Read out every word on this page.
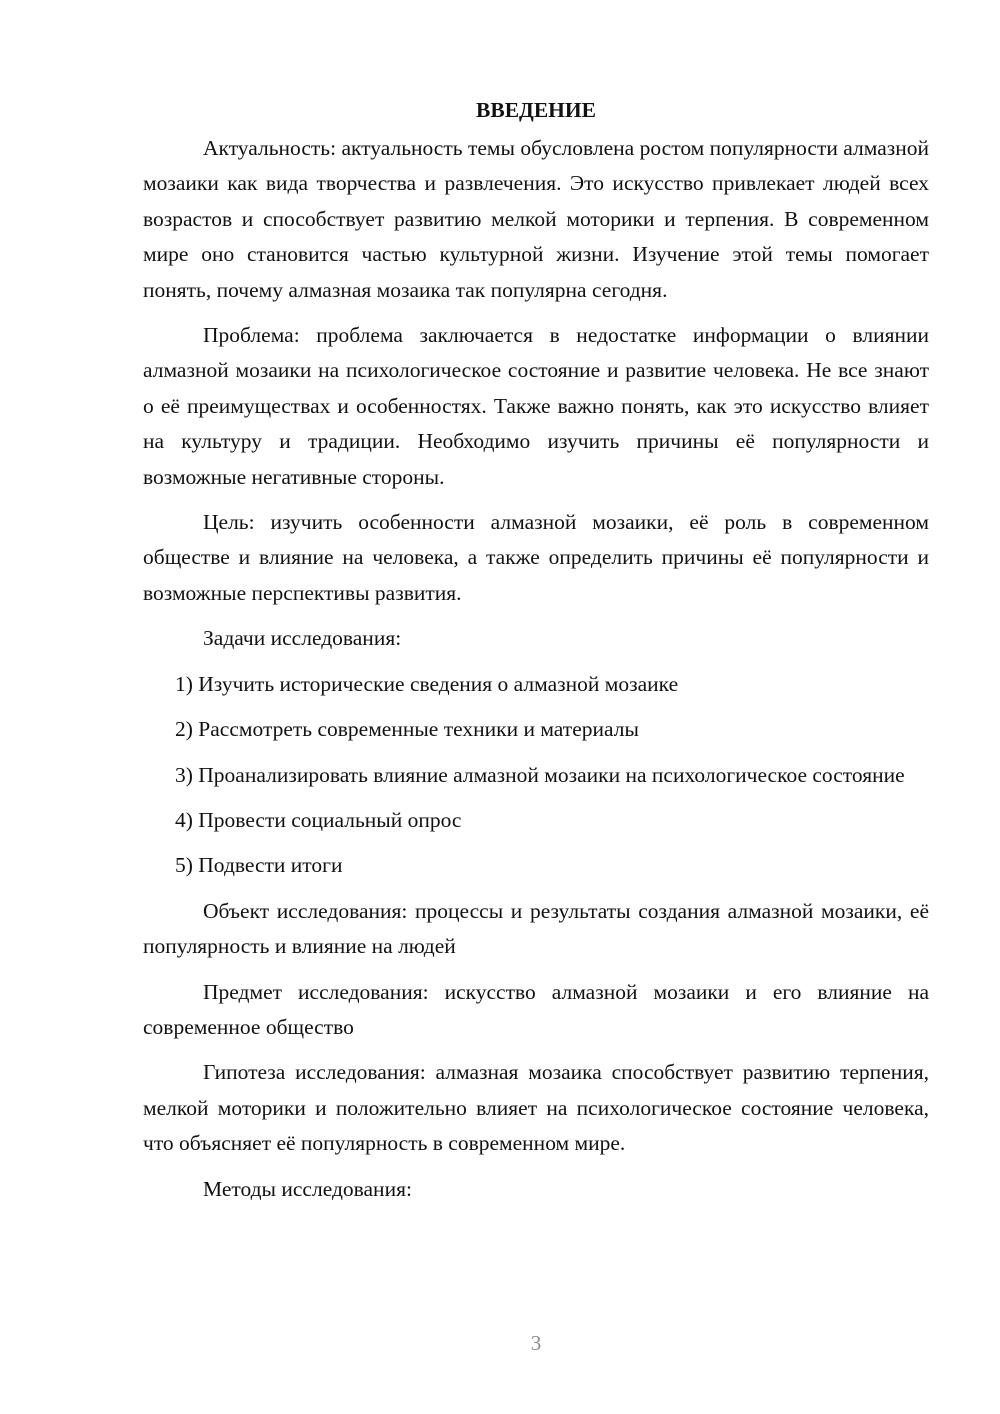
ВВЕДЕНИЕ

Актуальность: актуальность темы обусловлена ростом популярности алмазной мозаики как вида творчества и развлечения. Это искусство привлекает людей всех возрастов и способствует развитию мелкой моторики и терпения. В современном мире оно становится частью культурной жизни. Изучение этой темы помогает понять, почему алмазная мозаика так популярна сегодня.

Проблема: проблема заключается в недостатке информации о влиянии алмазной мозаики на психологическое состояние и развитие человека. Не все знают о её преимуществах и особенностях. Также важно понять, как это искусство влияет на культуру и традиции. Необходимо изучить причины её популярности и возможные негативные стороны.

Цель: изучить особенности алмазной мозаики, её роль в современном обществе и влияние на человека, а также определить причины её популярности и возможные перспективы развития.

Задачи исследования:

1) Изучить исторические сведения о алмазной мозаике

2) Рассмотреть современные техники и материалы

3) Проанализировать влияние алмазной мозаики на психологическое состояние

4) Провести социальный опрос

5) Подвести итоги

Объект исследования: процессы и результаты создания алмазной мозаики, её популярность и влияние на людей

Предмет исследования: искусство алмазной мозаики и его влияние на современное общество

Гипотеза исследования: алмазная мозаика способствует развитию терпения, мелкой моторики и положительно влияет на психологическое состояние человека, что объясняет её популярность в современном мире.

Методы исследования:

3
